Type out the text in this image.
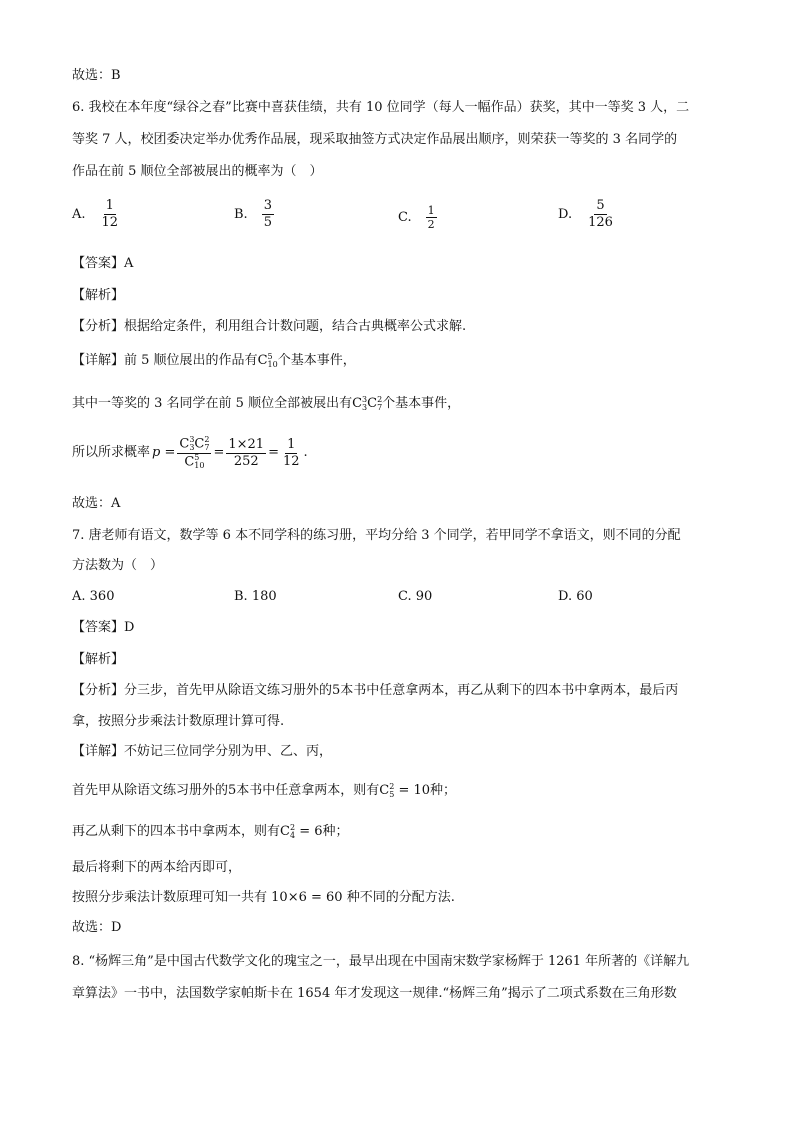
故选：B
6. 我校在本年度“绿谷之春”比赛中喜获佳绩，共有 10 位同学（每人一幅作品）获奖，其中一等奖 3 人，二
等奖 7 人，校团委决定举办优秀作品展，现采取抽签方式决定作品展出顺序，则荣获一等奖的 3 名同学的
作品在前 5 顺位全部被展出的概率为（　）
A. $\frac{1}{12}$	B. $\frac{3}{5}$	C. $\frac{1}{2}$	D. $\frac{5}{126}$
【答案】A
【解析】
【分析】根据给定条件，利用组合计数问题，结合古典概率公式求解.
【详解】前 5 顺位展出的作品有C 5
10 个基本事件，
其中一等奖的 3 名同学在前 5 顺位全部被展出有C 3
3 C 2
7 个基本事件，
所以所求概率 p = C 3
3 C 2
7
C 5
$10 = \frac{1\times 21}{252} = \frac{1}{12}$ .
故选：A
7. 唐老师有语文，数学等 6 本不同学科的练习册，平均分给 3 个同学，若甲同学不拿语文，则不同的分配
方法数为（　）
A. 360	B. 180	C. 90	D. 60
【答案】D
【解析】
【分析】分三步，首先甲从除语文练习册外的5本书中任意拿两本，再乙从剩下的四本书中拿两本，最后丙
拿，按照分步乘法计数原理计算可得.
【详解】不妨记三位同学分别为甲、乙、丙，
首先甲从除语文练习册外的5本书中任意拿两本，则有C 2
5 = 10种；
再乙从剩下的四本书中拿两本，则有C 2
4 = 6种；
最后将剩下的两本给丙即可，
按照分步乘法计数原理可知一共有 10×6 = 60 种不同的分配方法.
故选：D
8. “杨辉三角”是中国古代数学文化的瑰宝之一，最早出现在中国南宋数学家杨辉于 1261 年所著的《详解九
章算法》一书中，法国数学家帕斯卡在 1654 年才发现这一规律.“杨辉三角”揭示了二项式系数在三角形数
